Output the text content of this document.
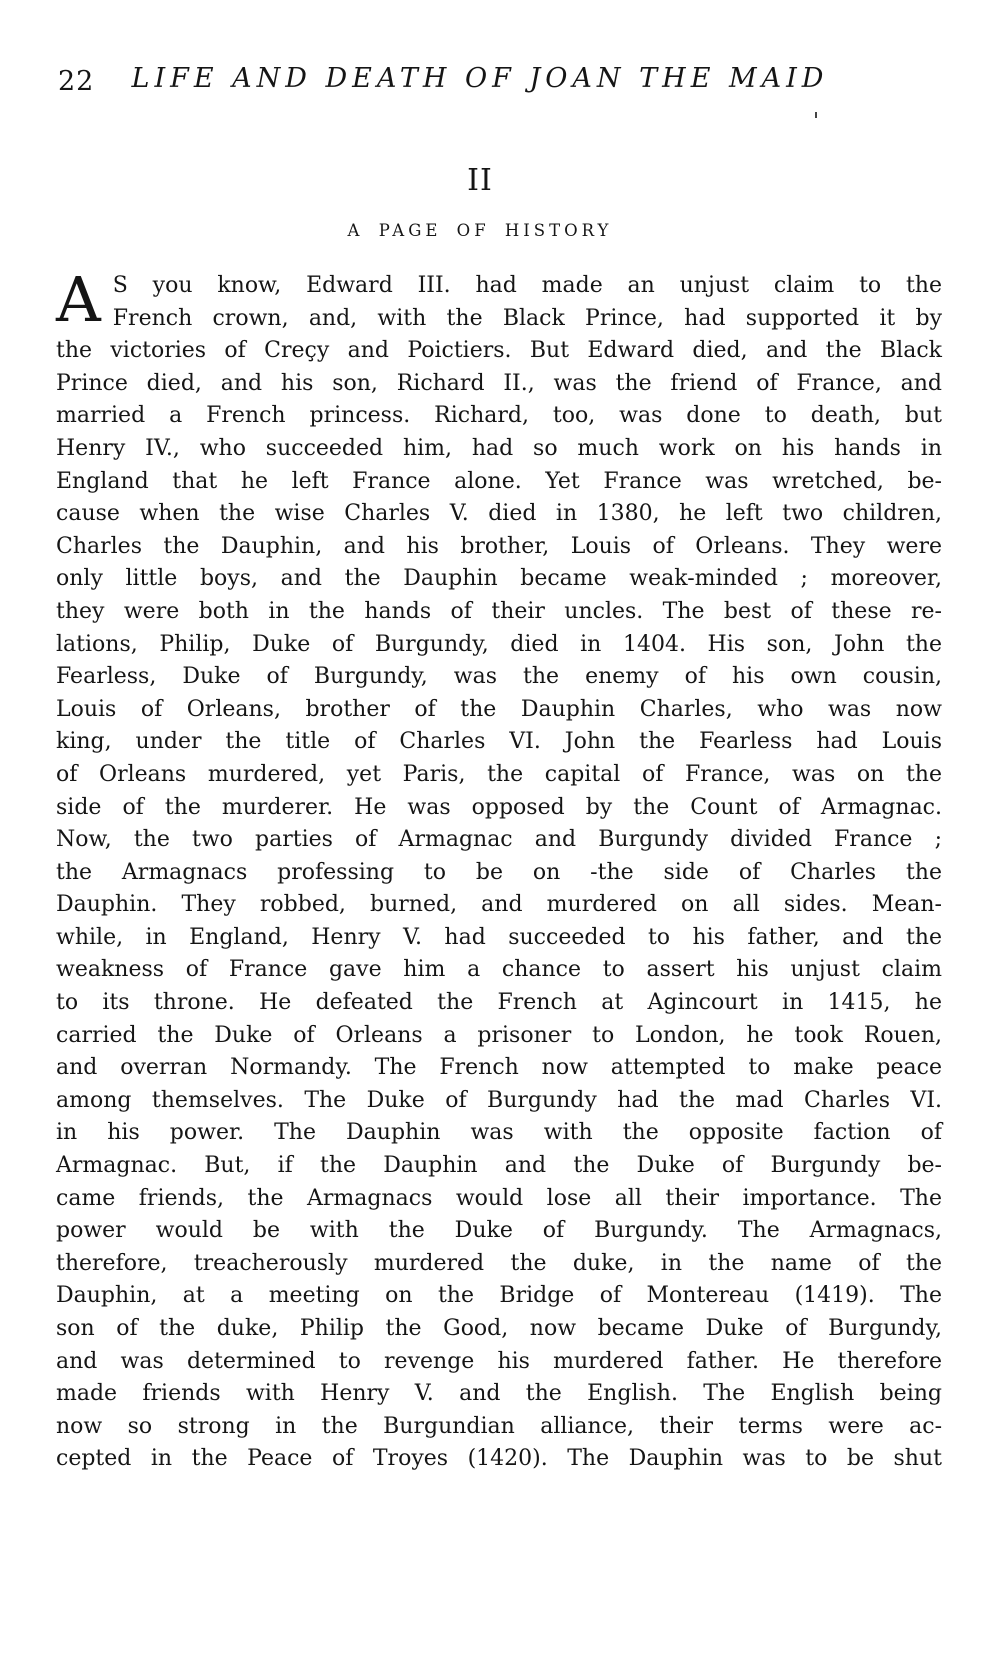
22	LIFE AND DEATH OF JOAN THE MAID
II
A PAGE OF HISTORY
A S you know, Edward III. had made an unjust claim to the
French crown, and, with the Black Prince, had supported it by
the victories of Creçy and Poictiers. But Edward died, and the Black
Prince died, and his son, Richard II., was the friend of France, and
married a French princess. Richard, too, was done to death, but
Henry IV., who succeeded him, had so much work on his hands in
England that he left France alone. Yet France was wretched, be-
cause when the wise Charles V. died in 1380, he left two children,
Charles the Dauphin, and his brother, Louis of Orleans. They were
only little boys, and the Dauphin became weak-minded ; moreover,
they were both in the hands of their uncles. The best of these re-
lations, Philip, Duke of Burgundy, died in 1404. His son, John the
Fearless, Duke of Burgundy, was the enemy of his own cousin,
Louis of Orleans, brother of the Dauphin Charles, who was now
king, under the title of Charles VI. John the Fearless had Louis
of Orleans murdered, yet Paris, the capital of France, was on the
side of the murderer. He was opposed by the Count of Armagnac.
Now, the two parties of Armagnac and Burgundy divided France ;
the Armagnacs professing to be on -the side of Charles the
Dauphin. They robbed, burned, and murdered on all sides. Mean-
while, in England, Henry V. had succeeded to his father, and the
weakness of France gave him a chance to assert his unjust claim
to its throne. He defeated the French at Agincourt in 1415, he
carried the Duke of Orleans a prisoner to London, he took Rouen,
and overran Normandy. The French now attempted to make peace
among themselves. The Duke of Burgundy had the mad Charles VI.
in his power. The Dauphin was with the opposite faction of
Armagnac. But, if the Dauphin and the Duke of Burgundy be-
came friends, the Armagnacs would lose all their importance. The
power would be with the Duke of Burgundy. The Armagnacs,
therefore, treacherously murdered the duke, in the name of the
Dauphin, at a meeting on the Bridge of Montereau (1419). The
son of the duke, Philip the Good, now became Duke of Burgundy,
and was determined to revenge his murdered father. He therefore
made friends with Henry V. and the English. The English being
now so strong in the Burgundian alliance, their terms were ac-
cepted in the Peace of Troyes (1420). The Dauphin was to be shut
